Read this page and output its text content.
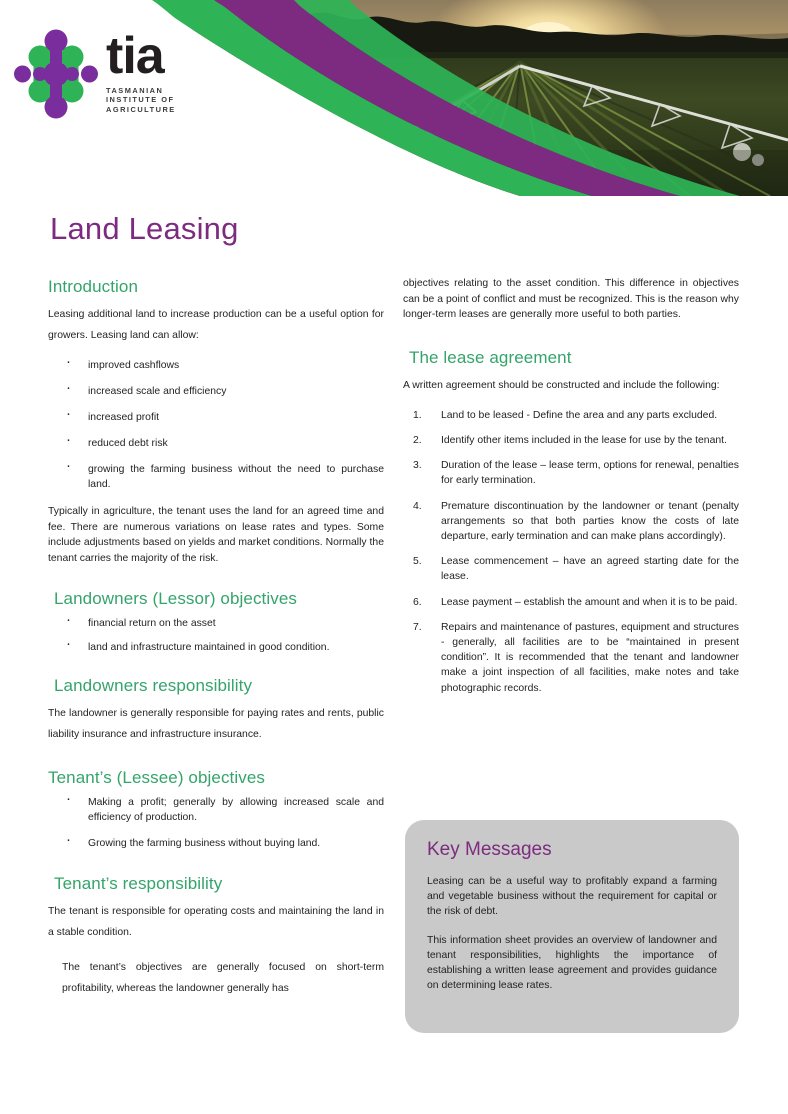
tia
TASMANIAN
INSTITUTE OF
AGRICULTURE
Land Leasing
Introduction

Leasing additional land to increase production can be a useful option for growers. Leasing land can allow:

· improved cashflows
· increased scale and efficiency
· increased profit
· reduced debt risk
· growing the farming business without the need to purchase land.

Typically in agriculture, the tenant uses the land for an agreed time and fee. There are numerous variations on lease rates and types. Some include adjustments based on yields and market conditions. Normally the tenant carries the majority of the risk.

Landowners (Lessor) objectives
· financial return on the asset
· land and infrastructure maintained in good condition.
Landowners responsibility

The landowner is generally responsible for paying rates and rents, public liability insurance and infrastructure insurance.

Tenant’s (Lessee) objectives
· Making a profit; generally by allowing increased scale and efficiency of production.
· Growing the farming business without buying land.
Tenant’s responsibility

The tenant is responsible for operating costs and maintaining the land in a stable condition.

The tenant’s objectives are generally focused on short-term profitability, whereas the landowner generally has

objectives relating to the asset condition. This difference in objectives can be a point of conflict and must be recognized. This is the reason why longer-term leases are generally more useful to both parties.

The lease agreement

A written agreement should be constructed and include the following:

Land to be leased - Define the area and any parts excluded.
Identify other items included in the lease for use by the tenant.
Duration of the lease – lease term, options for renewal, penalties for early termination.
Premature discontinuation by the landowner or tenant (penalty arrangements so that both parties know the costs of late departure, early termination and can make plans accordingly).
Lease commencement – have an agreed starting date for the lease.
Lease payment – establish the amount and when it is to be paid.
Repairs and maintenance of pastures, equipment and structures - generally, all facilities are to be “maintained in present condition”. It is recommended that the tenant and landowner make a joint inspection of all facilities, make notes and take photographic records.
Key Messages

Leasing can be a useful way to profitably expand a farming and vegetable business without the requirement for capital or the risk of debt.

This information sheet provides an overview of landowner and tenant responsibilities, highlights the importance of establishing a written lease agreement and provides guidance on determining lease rates.
